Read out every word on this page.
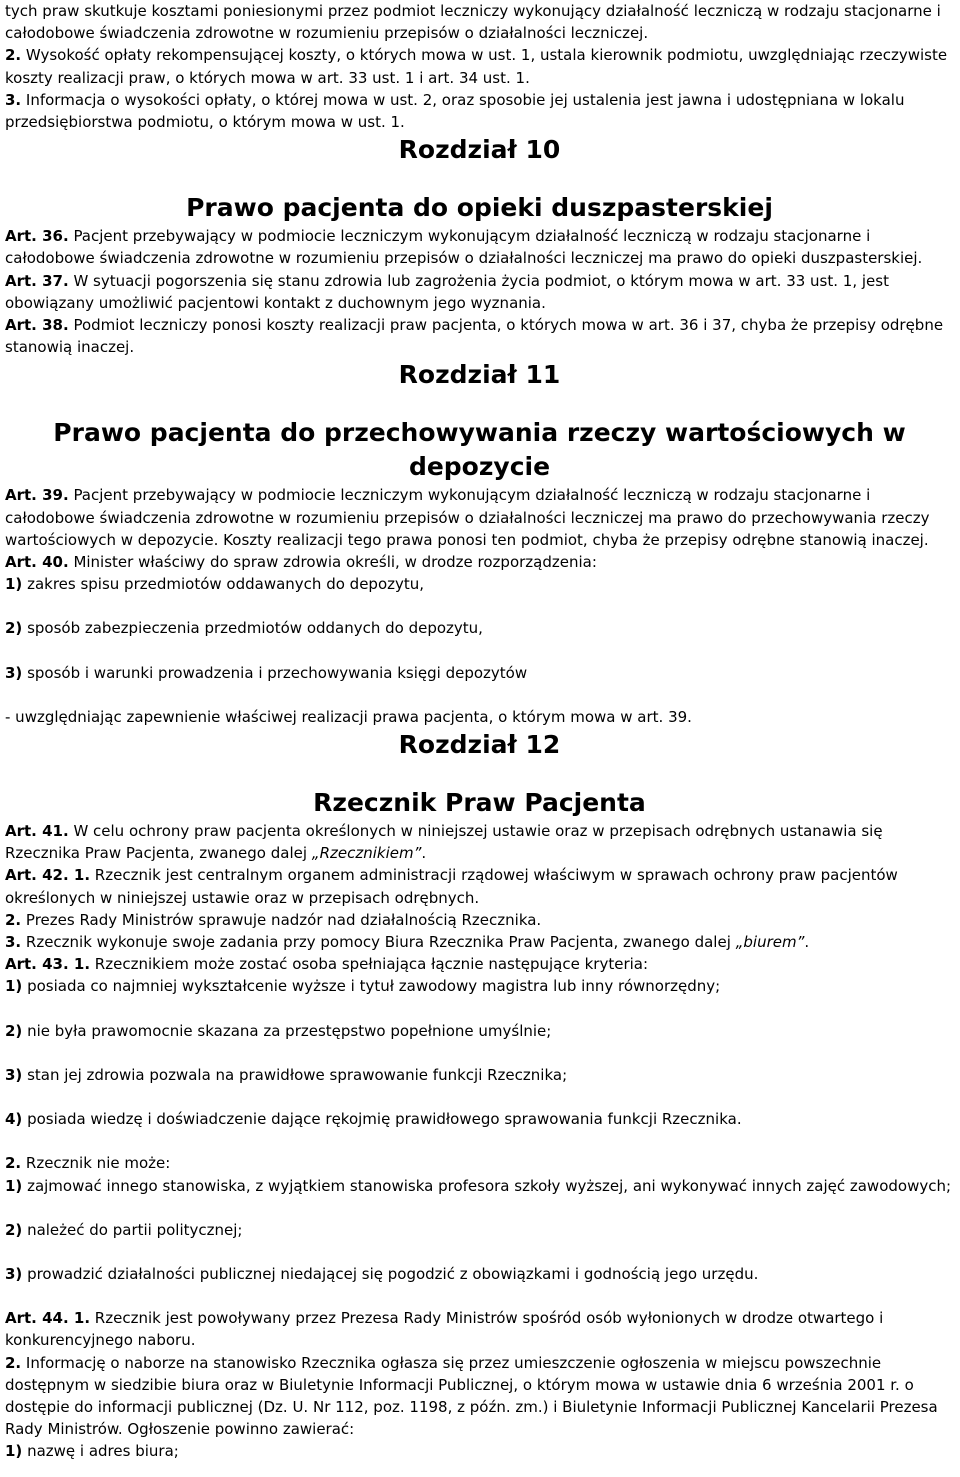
tych praw skutkuje kosztami poniesionymi przez podmiot leczniczy wykonujący działalność leczniczą w rodzaju stacjonarne i całodobowe świadczenia zdrowotne w rozumieniu przepisów o działalności leczniczej.

2. Wysokość opłaty rekompensującej koszty, o których mowa w ust. 1, ustala kierownik podmiotu, uwzględniając rzeczywiste koszty realizacji praw, o których mowa w art. 33 ust. 1 i art. 34 ust. 1.

3. Informacja o wysokości opłaty, o której mowa w ust. 2, oraz sposobie jej ustalenia jest jawna i udostępniana w lokalu przedsiębiorstwa podmiotu, o którym mowa w ust. 1.

Rozdział 10
Prawo pacjenta do opieki duszpasterskiej

Art. 36. Pacjent przebywający w podmiocie leczniczym wykonującym działalność leczniczą w rodzaju stacjonarne i całodobowe świadczenia zdrowotne w rozumieniu przepisów o działalności leczniczej ma prawo do opieki duszpasterskiej.

Art. 37. W sytuacji pogorszenia się stanu zdrowia lub zagrożenia życia podmiot, o którym mowa w art. 33 ust. 1, jest obowiązany umożliwić pacjentowi kontakt z duchownym jego wyznania.

Art. 38. Podmiot leczniczy ponosi koszty realizacji praw pacjenta, o których mowa w art. 36 i 37, chyba że przepisy odrębne stanowią inaczej.

Rozdział 11
Prawo pacjenta do przechowywania rzeczy wartościowych w depozycie

Art. 39. Pacjent przebywający w podmiocie leczniczym wykonującym działalność leczniczą w rodzaju stacjonarne i całodobowe świadczenia zdrowotne w rozumieniu przepisów o działalności leczniczej ma prawo do przechowywania rzeczy wartościowych w depozycie. Koszty realizacji tego prawa ponosi ten podmiot, chyba że przepisy odrębne stanowią inaczej.

Art. 40. Minister właściwy do spraw zdrowia określi, w drodze rozporządzenia:

1) zakres spisu przedmiotów oddawanych do depozytu,

2) sposób zabezpieczenia przedmiotów oddanych do depozytu,

3) sposób i warunki prowadzenia i przechowywania księgi depozytów

- uwzględniając zapewnienie właściwej realizacji prawa pacjenta, o którym mowa w art. 39.

Rozdział 12
Rzecznik Praw Pacjenta

Art. 41. W celu ochrony praw pacjenta określonych w niniejszej ustawie oraz w przepisach odrębnych ustanawia się Rzecznika Praw Pacjenta, zwanego dalej „Rzecznikiem”.

Art. 42. 1. Rzecznik jest centralnym organem administracji rządowej właściwym w sprawach ochrony praw pacjentów określonych w niniejszej ustawie oraz w przepisach odrębnych.

2. Prezes Rady Ministrów sprawuje nadzór nad działalnością Rzecznika.

3. Rzecznik wykonuje swoje zadania przy pomocy Biura Rzecznika Praw Pacjenta, zwanego dalej „biurem”.

Art. 43. 1. Rzecznikiem może zostać osoba spełniająca łącznie następujące kryteria:

1) posiada co najmniej wykształcenie wyższe i tytuł zawodowy magistra lub inny równorzędny;

2) nie była prawomocnie skazana za przestępstwo popełnione umyślnie;

3) stan jej zdrowia pozwala na prawidłowe sprawowanie funkcji Rzecznika;

4) posiada wiedzę i doświadczenie dające rękojmię prawidłowego sprawowania funkcji Rzecznika.

2. Rzecznik nie może:

1) zajmować innego stanowiska, z wyjątkiem stanowiska profesora szkoły wyższej, ani wykonywać innych zajęć zawodowych;

2) należeć do partii politycznej;

3) prowadzić działalności publicznej niedającej się pogodzić z obowiązkami i godnością jego urzędu.

Art. 44. 1. Rzecznik jest powoływany przez Prezesa Rady Ministrów spośród osób wyłonionych w drodze otwartego i konkurencyjnego naboru.

2. Informację o naborze na stanowisko Rzecznika ogłasza się przez umieszczenie ogłoszenia w miejscu powszechnie dostępnym w siedzibie biura oraz w Biuletynie Informacji Publicznej, o którym mowa w ustawie dnia 6 września 2001 r. o dostępie do informacji publicznej (Dz. U. Nr 112, poz. 1198, z późn. zm.) i Biuletynie Informacji Publicznej Kancelarii Prezesa Rady Ministrów. Ogłoszenie powinno zawierać:

1) nazwę i adres biura;
